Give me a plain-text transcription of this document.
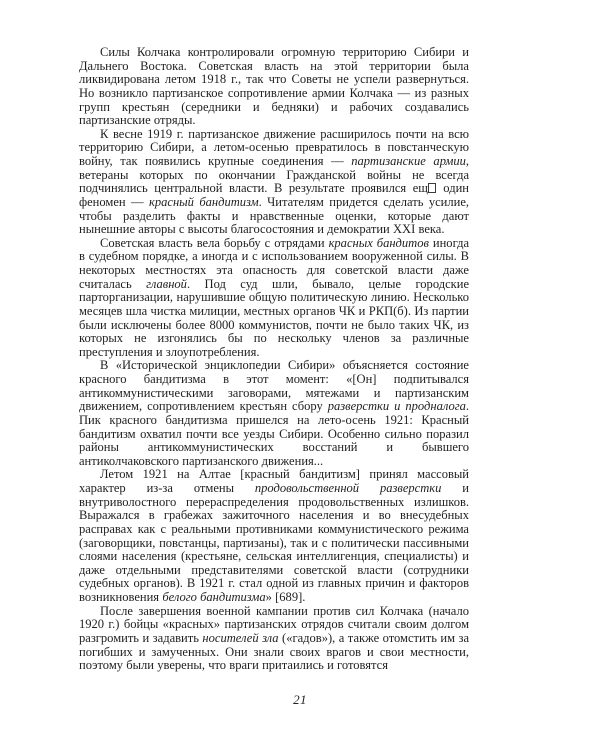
Силы Колчака контролировали огромную территорию Сибири и Дальнего Востока. Советская власть на этой территории была ликвидирована летом 1918 г., так что Советы не успели развернуться. Но возникло партизанское сопротивление армии Колчака — из разных групп крестьян (середники и бедняки) и рабочих создавались партизанские отряды.

К весне 1919 г. партизанское движение расширилось почти на всю территорию Сибири, а летом-осенью превратилось в повстанческую войну, так появились крупные соединения — партизанские армии, ветераны которых по окончании Гражданской войны не всегда подчинялись центральной власти. В результате проявился ещ один феномен — красный бандитизм. Читателям придется сделать усилие, чтобы разделить факты и нравственные оценки, которые дают нынешние авторы с высоты благосостояния и демократии XXI века.

Советская власть вела борьбу с отрядами красных бандитов иногда в судебном порядке, а иногда и с использованием вооруженной силы. В некоторых местностях эта опасность для советской власти даже считалась главной. Под суд шли, бывало, целые городские парторганизации, нарушившие общую политическую линию. Несколько месяцев шла чистка милиции, местных органов ЧК и РКП(б). Из партии были исключены более 8000 коммунистов, почти не было таких ЧК, из которых не изгонялись бы по нескольку членов за различные преступления и злоупотребления.

В «Исторической энциклопедии Сибири» объясняется состояние красного бандитизма в этот момент: «[Он] подпитывался антикоммунистическими заговорами, мятежами и партизанским движением, сопротивлением крестьян сбору разверстки и продналога. Пик красного бандитизма пришелся на лето-осень 1921: Красный бандитизм охватил почти все уезды Сибири. Особенно сильно поразил районы антикоммунистических восстаний и бывшего антиколчаковского партизанского движения...

Летом 1921 на Алтае [красный бандитизм] принял массовый характер из-за отмены продовольственной разверстки и внутриволостного перераспределения продовольственных излишков. Выражался в грабежах зажиточного населения и во внесудебных расправах как с реальными противниками коммунистического режима (заговорщики, повстанцы, партизаны), так и с политически пассивными слоями населения (крестьяне, сельская интеллигенция, специалисты) и даже отдельными представителями советской власти (сотрудники судебных органов). В 1921 г. стал одной из главных причин и факторов возникновения белого бандитизма» [689].

После завершения военной кампании против сил Колчака (начало 1920 г.) бойцы «красных» партизанских отрядов считали своим долгом разгромить и задавить носителей зла («гадов»), а также отомстить им за погибших и замученных. Они знали своих врагов и свои местности, поэтому были уверены, что враги притаились и готовятся

21
